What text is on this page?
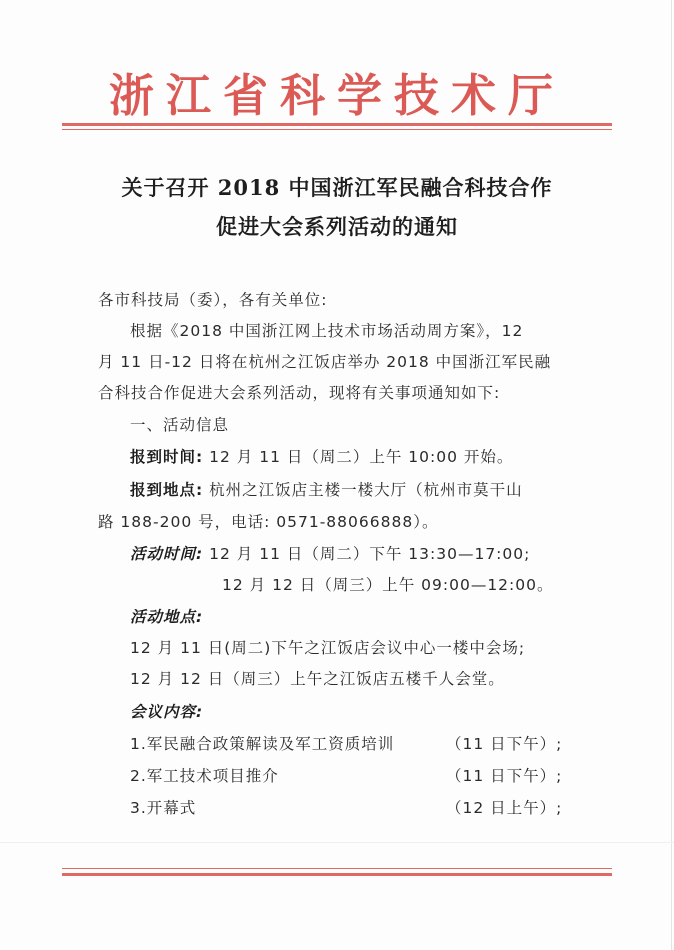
浙江省科学技术厅
关于召开 2018 中国浙江军民融合科技合作
促进大会系列活动的通知
各市科技局（委），各有关单位:
根据《2018 中国浙江网上技术市场活动周方案》，12
月 11 日-12 日将在杭州之江饭店举办 2018 中国浙江军民融
合科技合作促进大会系列活动，现将有关事项通知如下:
一、活动信息
报到时间: 12 月 11 日（周二）上午 10:00 开始。
报到地点: 杭州之江饭店主楼一楼大厅（杭州市莫干山
路 188-200 号，电话: 0571-88066888）。
活动时间: 12 月 11 日（周二）下午 13:30—17:00;
12 月 12 日（周三）上午 09:00—12:00。
活动地点:
12 月 11 日(周二)下午之江饭店会议中心一楼中会场;
12 月 12 日（周三）上午之江饭店五楼千人会堂。
会议内容:
1.军民融合政策解读及军工资质培训	（11 日下午）;
2.军工技术项目推介	（11 日下午）;
3.开幕式	（12 日上午）;
